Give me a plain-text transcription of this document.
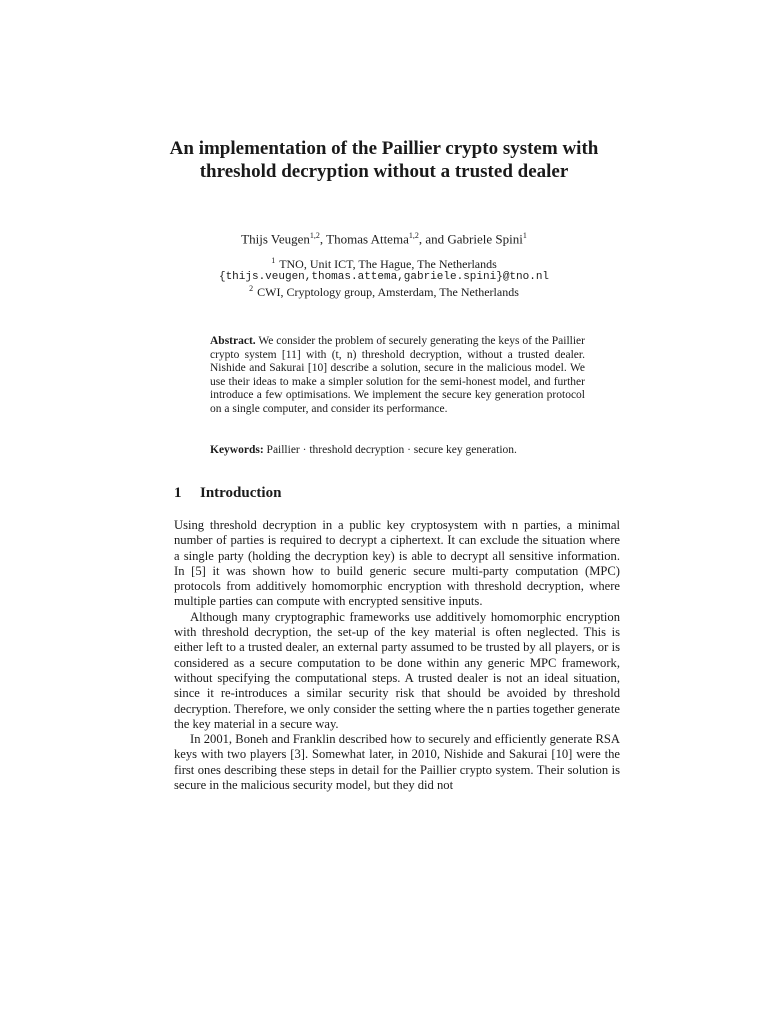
An implementation of the Paillier crypto system with threshold decryption without a trusted dealer
Thijs Veugen$^{1,2}$, Thomas Attema$^{1,2}$, and Gabriele Spini$^1$
$^1$ TNO, Unit ICT, The Hague, The Netherlands
{thijs.veugen,thomas.attema,gabriele.spini}@tno.nl
$^2$ CWI, Cryptology group, Amsterdam, The Netherlands

Abstract. We consider the problem of securely generating the keys of the Paillier crypto system [11] with (t, n) threshold decryption, without a trusted dealer. Nishide and Sakurai [10] describe a solution, secure in the malicious model. We use their ideas to make a simpler solution for the semi-honest model, and further introduce a few optimisations. We implement the secure key generation protocol on a single computer, and consider its performance.

Keywords: Paillier · threshold decryption · secure key generation.

1 Introduction

Using threshold decryption in a public key cryptosystem with n parties, a minimal number of parties is required to decrypt a ciphertext. It can exclude the situation where a single party (holding the decryption key) is able to decrypt all sensitive information. In [5] it was shown how to build generic secure multi-party computation (MPC) protocols from additively homomorphic encryption with threshold decryption, where multiple parties can compute with encrypted sensitive inputs.

Although many cryptographic frameworks use additively homomorphic encryption with threshold decryption, the set-up of the key material is often neglected. This is either left to a trusted dealer, an external party assumed to be trusted by all players, or is considered as a secure computation to be done within any generic MPC framework, without specifying the computational steps. A trusted dealer is not an ideal situation, since it re-introduces a similar security risk that should be avoided by threshold decryption. Therefore, we only consider the setting where the n parties together generate the key material in a secure way.

In 2001, Boneh and Franklin described how to securely and efficiently generate RSA keys with two players [3]. Somewhat later, in 2010, Nishide and Sakurai [10] were the first ones describing these steps in detail for the Paillier crypto system. Their solution is secure in the malicious security model, but they did not
